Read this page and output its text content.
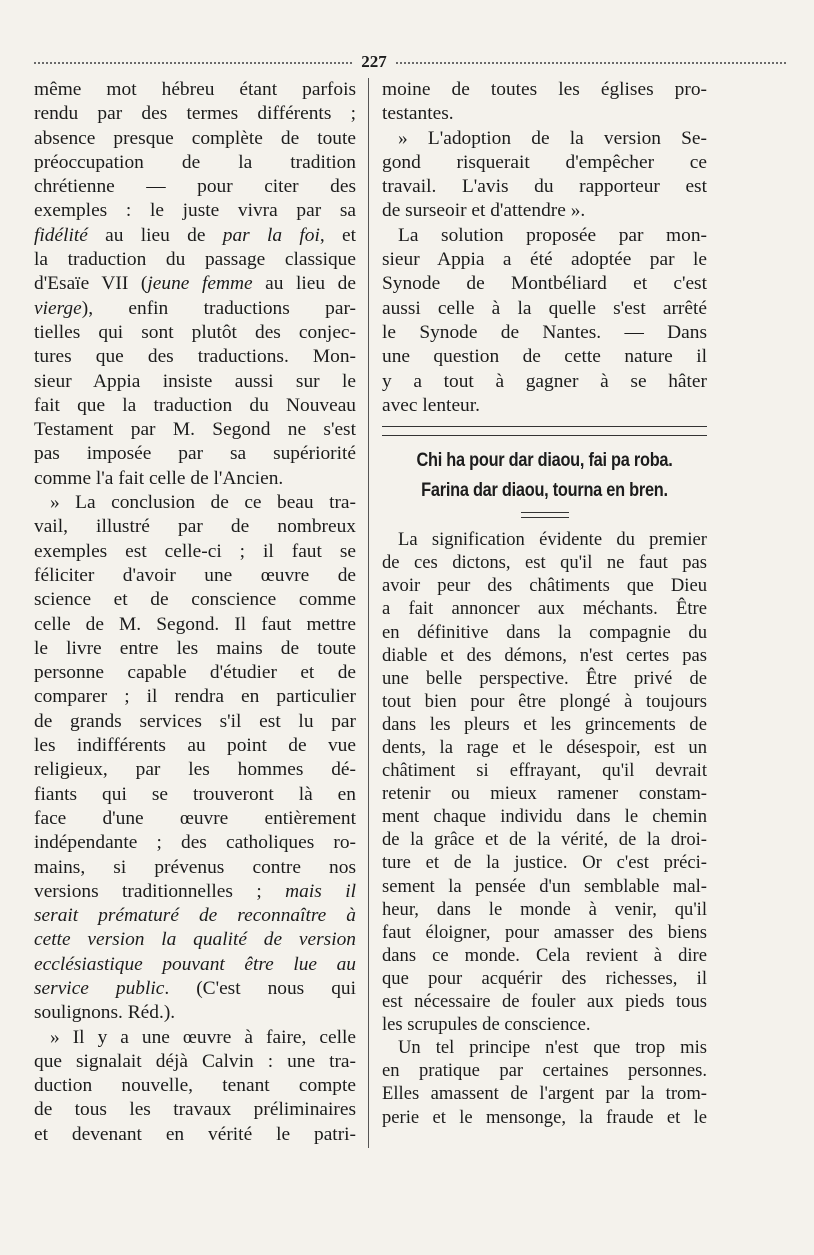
227
même mot hébreu étant parfois
rendu par des termes différents ;
absence presque complète de toute
préoccupation de la tradition
chrétienne — pour citer des
exemples : le juste vivra par sa
fidélité au lieu de par la foi, et
la traduction du passage classique
d'Esaïe VII (jeune femme au lieu de
vierge), enfin traductions par-
tielles qui sont plutôt des conjec-
tures que des traductions. Mon-
sieur Appia insiste aussi sur le
fait que la traduction du Nouveau
Testament par M. Segond ne s'est
pas imposée par sa supériorité
comme l'a fait celle de l'Ancien.
» La conclusion de ce beau tra-
vail, illustré par de nombreux
exemples est celle-ci ; il faut se
féliciter d'avoir une œuvre de
science et de conscience comme
celle de M. Segond. Il faut mettre
le livre entre les mains de toute
personne capable d'étudier et de
comparer ; il rendra en particulier
de grands services s'il est lu par
les indifférents au point de vue
religieux, par les hommes dé-
fiants qui se trouveront là en
face d'une œuvre entièrement
indépendante ; des catholiques ro-
mains, si prévenus contre nos
versions traditionnelles ; mais il
serait prématuré de reconnaître à
cette version la qualité de version
ecclésiastique pouvant être lue au
service public. (C'est nous qui
soulignons. Réd.).
» Il y a une œuvre à faire, celle
que signalait déjà Calvin : une tra-
duction nouvelle, tenant compte
de tous les travaux préliminaires
et devenant en vérité le patri-
moine de toutes les églises pro-
testantes.
» L'adoption de la version Se-
gond risquerait d'empêcher ce
travail. L'avis du rapporteur est
de surseoir et d'attendre ».
La solution proposée par mon-
sieur Appia a été adoptée par le
Synode de Montbéliard et c'est
aussi celle à la quelle s'est arrêté
le Synode de Nantes. — Dans
une question de cette nature il
y a tout à gagner à se hâter
avec lenteur.
Chi ha pour dar diaou, fai pa roba.
Farina dar diaou, tourna en bren.
La signification évidente du premier
de ces dictons, est qu'il ne faut pas
avoir peur des châtiments que Dieu
a fait annoncer aux méchants. Être
en définitive dans la compagnie du
diable et des démons, n'est certes pas
une belle perspective. Être privé de
tout bien pour être plongé à toujours
dans les pleurs et les grincements de
dents, la rage et le désespoir, est un
châtiment si effrayant, qu'il devrait
retenir ou mieux ramener constam-
ment chaque individu dans le chemin
de la grâce et de la vérité, de la droi-
ture et de la justice. Or c'est préci-
sement la pensée d'un semblable mal-
heur, dans le monde à venir, qu'il
faut éloigner, pour amasser des biens
dans ce monde. Cela revient à dire
que pour acquérir des richesses, il
est nécessaire de fouler aux pieds tous
les scrupules de conscience.
Un tel principe n'est que trop mis
en pratique par certaines personnes.
Elles amassent de l'argent par la trom-
perie et le mensonge, la fraude et le
